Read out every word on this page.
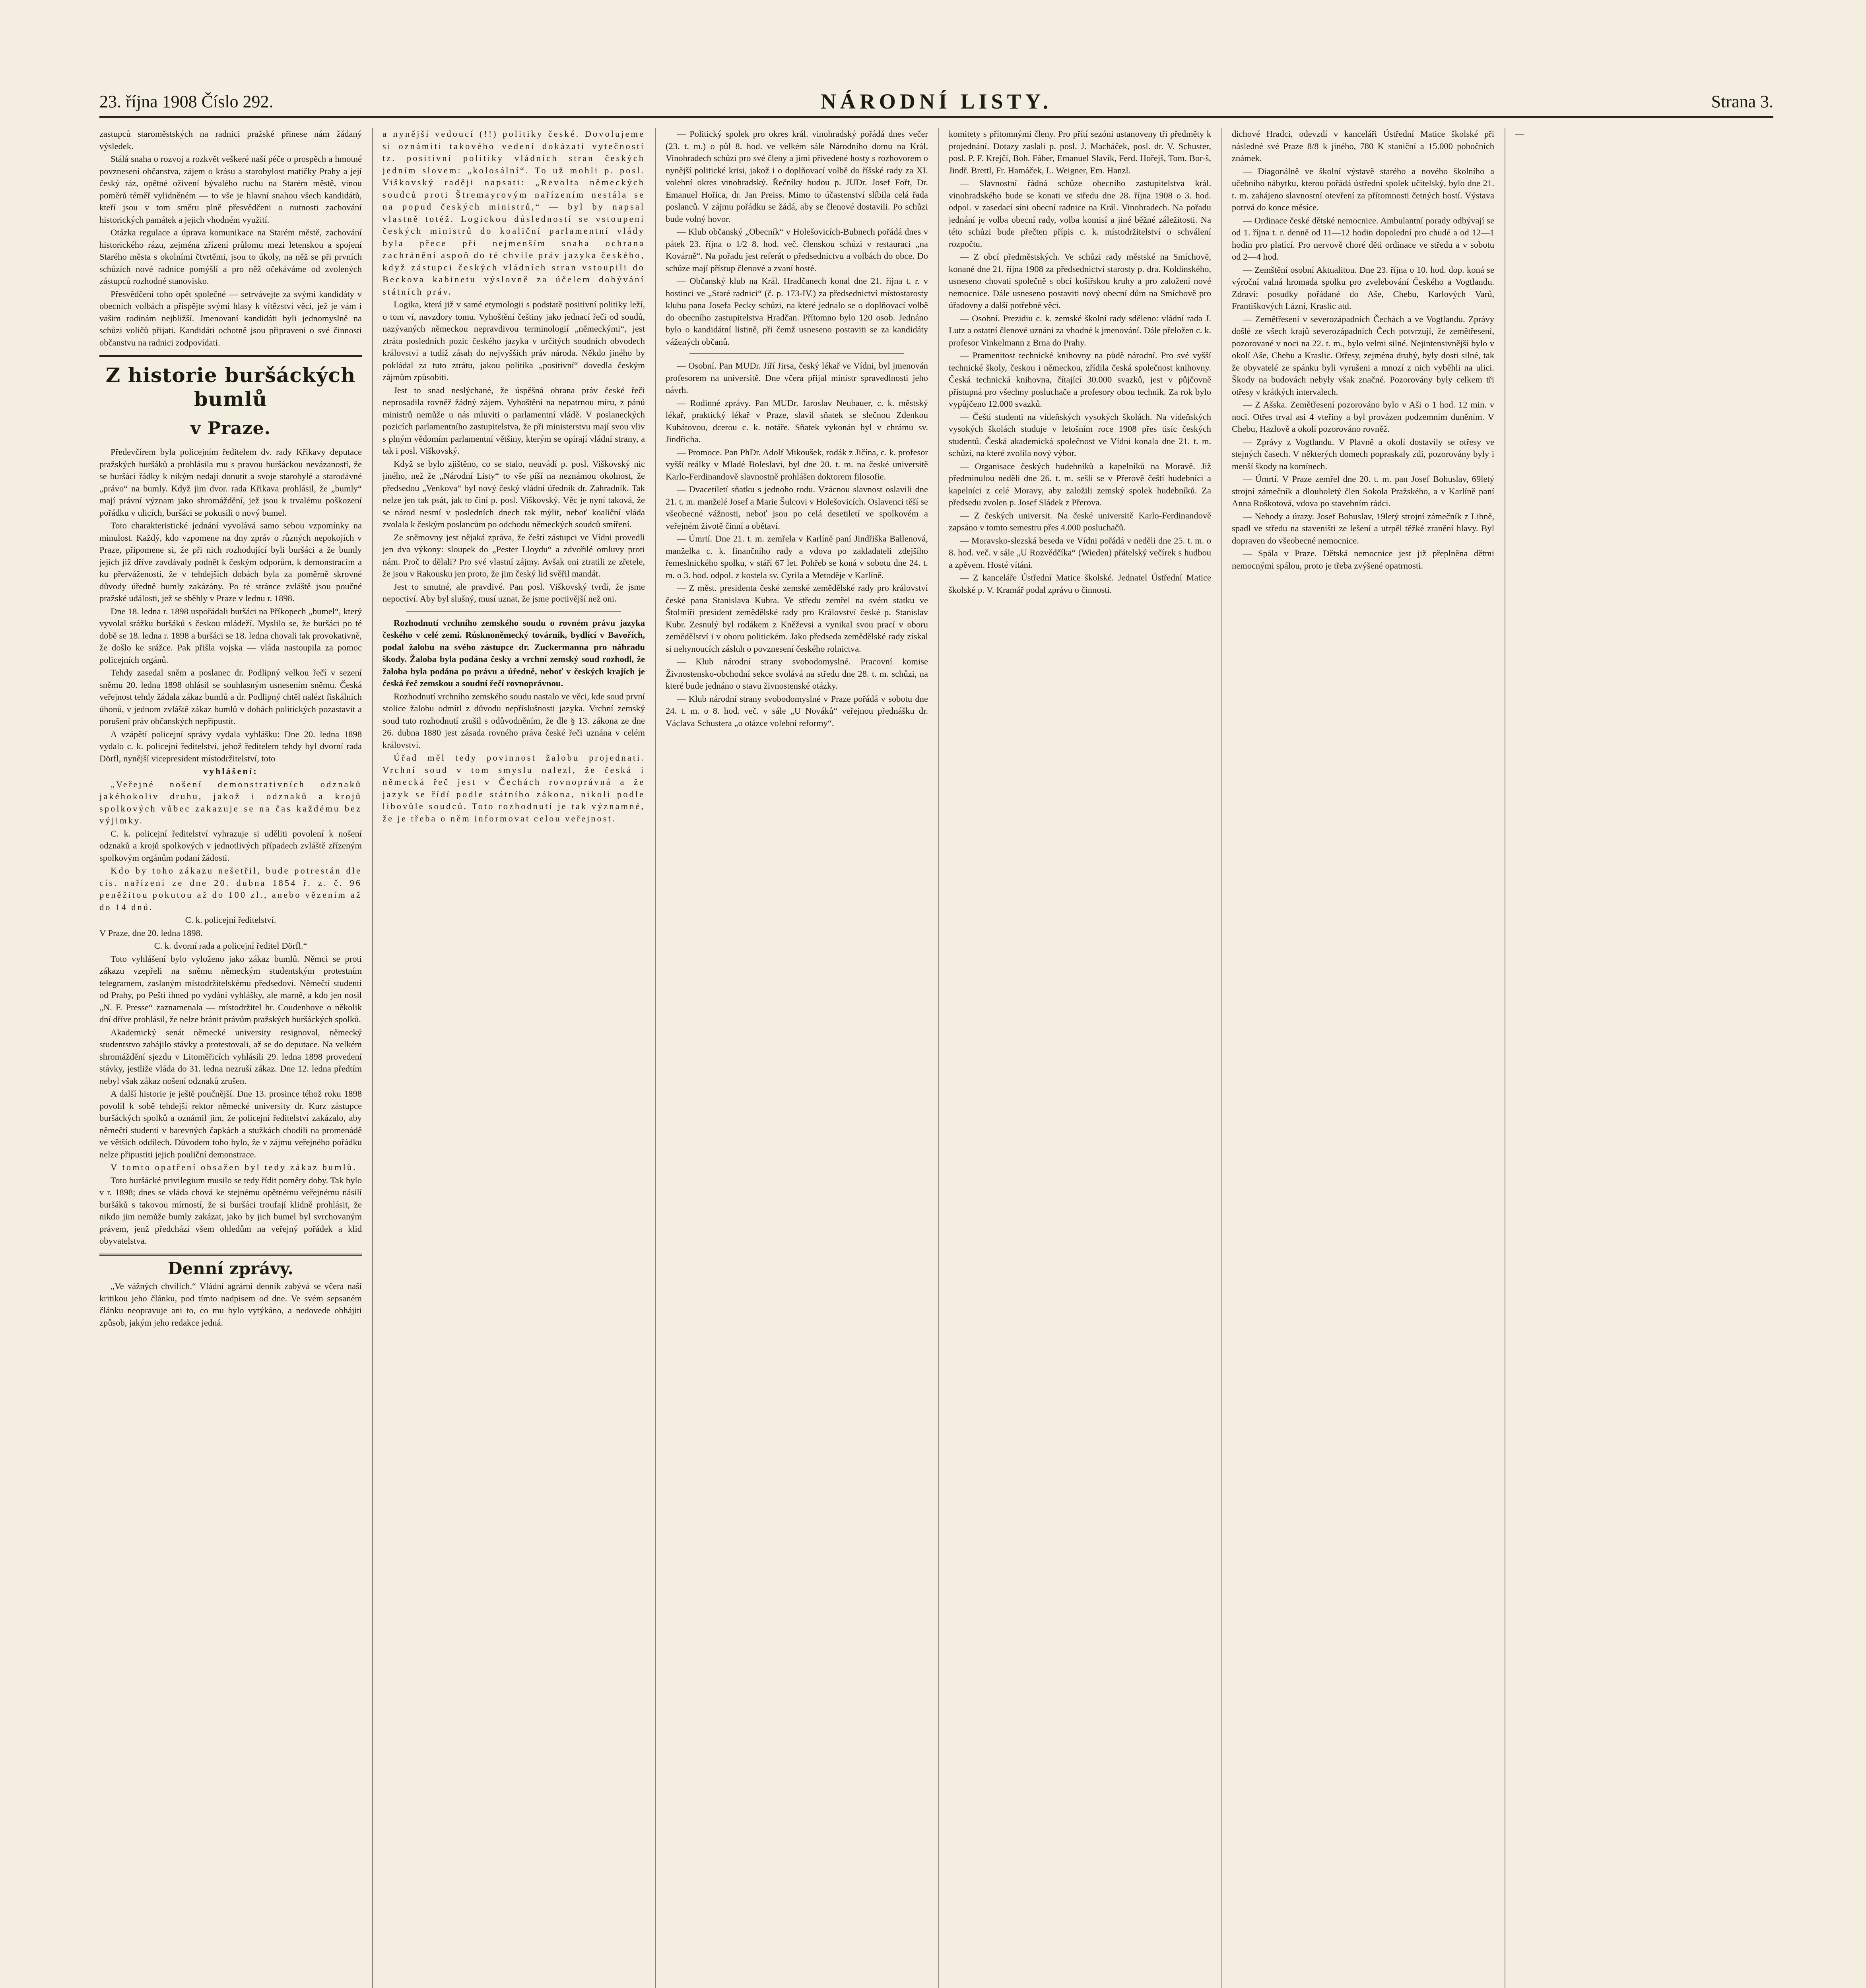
23. října 1908 Číslo 292.	NÁRODNÍ LISTY.	Strana 3.

zastupců staroměstských na radnici pražské přinese nám žádaný výsledek.

Stálá snaha o rozvoj a rozkvět veškeré naší péče o prospěch a hmotné povznesení občanstva, zájem o krásu a starobylost matičky Prahy a její český ráz, opětné oživení bývalého ruchu na Starém městě, vinou poměrů téměř vylidněném — to vše je hlavní snahou všech kandidátů, kteří jsou v tom směru plně přesvědčeni o nutnosti zachování historických památek a jejich vhodném využití.

Otázka regulace a úprava komunikace na Starém městě, zachování historického rázu, zejména zřízení průlomu mezi letenskou a spojení Starého města s okolními čtvrtěmi, jsou to úkoly, na něž se při prvních schůzích nové radnice pomýšlí a pro něž očekáváme od zvolených zástupců rozhodné stanovisko.

Přesvědčení toho opět společné — setrvávejte za svými kandidáty v obecních volbách a přispějte svými hlasy k vítězství věci, jež je vám i vašim rodinám nejbližší. Jmenovaní kandidáti byli jednomyslně na schůzi voličů přijati. Kandidáti ochotně jsou připraveni o své činnosti občanstvu na radnici zodpovídati.

Z historie buršáckých bumlů
v Praze.

Předevčírem byla policejním ředitelem dv. rady Křikavy deputace pražských buršáků a prohlásila mu s pravou buršáckou nevázaností, že se buršáci řádky k nikým nedají donutit a svoje starobylé a starodávné „právo“ na bumly. Když jim dvor. rada Křikava prohlásil, že „bumly“ mají právní význam jako shromáždění, jež jsou k trvalému poškození pořádku v ulicích, buršáci se pokusili o nový bumel.

Toto charakteristické jednání vyvolává samo sebou vzpomínky na minulost. Každý, kdo vzpomene na dny zpráv o různých nepokojích v Praze, připomene si, že při nich rozhodující byli buršáci a že bumly jejich již dříve zavdávaly podnět k českým odporům, k demonstracím a ku přerváženosti, že v tehdejších dobách byla za poměrně skrovné důvody úředně bumly zakázány. Po té stránce zvláště jsou poučné pražské události, jež se sběhly v Praze v lednu r. 1898.

Dne 18. ledna r. 1898 uspořádali buršáci na Příkopech „bumel“, který vyvolal srážku buršáků s českou mládeží. Myslilo se, že buršáci po té době se 18. ledna r. 1898 a buršáci se 18. ledna chovali tak provokativně, že došlo ke srážce. Pak přišla vojska — vláda nastoupila za pomoc policejních orgánů.

Tehdy zasedal sněm a poslanec dr. Podlipný velkou řečí v sezení sněmu 20. ledna 1898 ohlásil se souhlasným usnesením sněmu. Česká veřejnost tehdy žádala zákaz bumlů a dr. Podlipný chtěl nalézt fiskálních úhonů, v jednom zvláště zákaz bumlů v dobách politických pozastavit a porušení práv občanských nepřipustit.

A vzápětí policejní správy vydala vyhlášku: Dne 20. ledna 1898 vydalo c. k. policejní ředitelství, jehož ředitelem tehdy byl dvorní rada Dörfl, nynější vicepresident místodržitelství, toto

vyhlášení:

„Veřejné nošení demonstrativních odznaků jakéhokoliv druhu, jakož i odznaků a krojů spolkových vůbec zakazuje se na čas každému bez výjimky.

C. k. policejní ředitelství vyhrazuje si uděliti povolení k nošení odznaků a krojů spolkových v jednotlivých případech zvláště zřízeným spolkovým orgánům podaní žádosti.

Kdo by toho zákazu nešetřil, bude potrestán dle cís. nařízení ze dne 20. dubna 1854 ř. z. č. 96 peněžitou pokutou až do 100 zl., anebo vězením až do 14 dnů.

C. k. policejní ředitelství.

V Praze, dne 20. ledna 1898.

C. k. dvorní rada a policejní ředitel Dörfl.“

Toto vyhlášení bylo vyloženo jako zákaz bumlů. Němci se proti zákazu vzepřeli na sněmu německým studentským protestním telegramem, zaslaným místodržitelskému předsedovi. Němečtí studenti od Prahy, po Pešti ihned po vydání vyhlášky, ale marně, a kdo jen nosil „N. F. Presse“ zaznamenala — místodržitel hr. Coudenhove o několik dní dříve prohlásil, že nelze bránit právům pražských buršáckých spolků.

Akademický senát německé university resignoval, německý studentstvo zahájilo stávky a protestovali, až se do deputace. Na velkém shromáždění sjezdu v Litoměřicích vyhlásili 29. ledna 1898 provedení stávky, jestliže vláda do 31. ledna nezruší zákaz. Dne 12. ledna předtím nebyl však zákaz nošení odznaků zrušen.

A další historie je ještě poučnější. Dne 13. prosince téhož roku 1898 povolil k sobě tehdejší rektor německé university dr. Kurz zástupce buršáckých spolků a oznámil jim, že policejní ředitelství zakázalo, aby němečtí studenti v barevných čapkách a stužkách chodili na promenádě ve větších oddílech. Důvodem toho bylo, že v zájmu veřejného pořádku nelze připustiti jejich pouliční demonstrace.

V tomto opatření obsažen byl tedy zákaz bumlů.

Toto buršácké privilegium musilo se tedy řídit poměry doby. Tak bylo v r. 1898; dnes se vláda chová ke stejnému opětnému veřejnému násilí buršáků s takovou mírností, že si buršáci troufají klidně prohlásit, že nikdo jim nemůže bumly zakázat, jako by jich bumel byl svrchovaným právem, jenž předchází všem ohledům na veřejný pořádek a klid obyvatelstva.

Denní zprávy.

„Ve vážných chvílích.“ Vládní agrární denník zabývá se včera naší kritikou jeho článku, pod tímto nadpisem od dne. Ve svém sepsaném článku neopravuje ani to, co mu bylo vytýkáno, a nedovede obhájiti způsob, jakým jeho redakce jedná.

a nynější vedoucí (!!) politiky české. Dovolujeme si oznámiti takového vedení dokázati vytečností tz. positivní politiky vládních stran českých jedním slovem: „kolosální“. To už mohli p. posl. Viškovský raději napsati: „Revolta německých soudců proti Štremayrovým nařízením nestála se na popud českých ministrů,“ — byl by napsal vlastně totéž. Logickou důsledností se vstoupení českých ministrů do koaliční parlamentní vlády byla přece při nejmenším snaha ochrana zachránění aspoň do té chvíle práv jazyka českého, když zástupci českých vládních stran vstoupili do Beckova kabinetu výslovně za účelem dobývání státních práv.

Logika, která již v samé etymologii s podstatě positivní politiky leží, o tom ví, navzdory tomu. Vyhoštění češtiny jako jednací řeči od soudů, nazývaných německou nepravdivou terminologií „německými“, jest ztráta posledních pozic českého jazyka v určitých soudních obvodech království a tudíž zásah do nejvyšších práv národa. Někdo jiného by pokládal za tuto ztrátu, jakou politika „positivní“ dovedla českým zájmům způsobiti.

Jest to snad neslýchané, že úspěšná obrana práv české řeči neprosadila rovněž žádný zájem. Vyhoštění na nepatrnou míru, z pánů ministrů nemůže u nás mluviti o parlamentní vládě. V poslaneckých pozicích parlamentního zastupitelstva, že při ministerstvu mají svou vliv s plným vědomím parlamentní většiny, kterým se opírají vládní strany, a tak i posl. Viškovský.

Když se bylo zjištěno, co se stalo, neuvádí p. posl. Viškovský nic jiného, než že „Národní Listy“ to vše píší na neznámou okolnost, že předsedou „Venkova“ byl nový český vládní úředník dr. Zahradník. Tak nelze jen tak psát, jak to činí p. posl. Viškovský. Věc je nyní taková, že se národ nesmí v posledních dnech tak mýlit, neboť koaliční vláda zvolala k českým poslancům po odchodu německých soudců smíření.

Ze sněmovny jest nějaká zpráva, že čeští zástupci ve Vídni provedli jen dva výkony: sloupek do „Pester Lloydu“ a zdvořilé omluvy proti nám. Proč to dělali? Pro své vlastní zájmy. Avšak oni ztratili ze zřetele, že jsou v Rakousku jen proto, že jim český lid svěřil mandát.

Jest to smutné, ale pravdivé. Pan posl. Viškovský tvrdí, že jsme nepoctiví. Aby byl slušný, musí uznat, že jsme poctivější než oni.

Rozhodnutí vrchního zemského soudu o rovném právu jazyka českého v celé zemi. Rúsknoněmecký továrník, bydlící v Bavořích, podal žalobu na svého zástupce dr. Zuckermanna pro náhradu škody. Žaloba byla podána česky a vrchní zemský soud rozhodl, že žaloba byla podána po právu a úředně, neboť v českých krajích je česká řeč zemskou a soudní řečí rovnoprávnou.

Rozhodnutí vrchního zemského soudu nastalo ve věci, kde soud první stolice žalobu odmítl z důvodu nepříslušnosti jazyka. Vrchní zemský soud tuto rozhodnutí zrušil s odůvodněním, že dle § 13. zákona ze dne 26. dubna 1880 jest zásada rovného práva české řeči uznána v celém království.

Úřad měl tedy povinnost žalobu projednati. Vrchní soud v tom smyslu nalezl, že česká i německá řeč jest v Čechách rovnoprávná a že jazyk se řídí podle státního zákona, nikoli podle libovůle soudců. Toto rozhodnutí je tak významné, že je třeba o něm informovat celou veřejnost.

— Politický spolek pro okres král. vinohradský pořádá dnes večer (23. t. m.) o půl 8. hod. ve velkém sále Národního domu na Král. Vinohradech schůzi pro své členy a jimi přivedené hosty s rozhovorem o nynější politické krisi, jakož i o doplňovací volbě do říšské rady za XI. volební okres vinohradský. Řečníky budou p. JUDr. Josef Fořt, Dr. Emanuel Hořica, dr. Jan Preiss. Mimo to účastenství slíbila celá řada poslanců. V zájmu pořádku se žádá, aby se členové dostavili. Po schůzi bude volný hovor.

— Klub občanský „Obecník“ v Holešovicích-Bubnech pořádá dnes v pátek 23. října o 1/2 8. hod. več. členskou schůzi v restauraci „na Kovárně“. Na pořadu jest referát o předsednictvu a volbách do obce. Do schůze mají přístup členové a zvaní hosté.

— Občanský klub na Král. Hradčanech konal dne 21. října t. r. v hostinci ve „Staré radnici“ (č. p. 173-IV.) za předsednictví místostarosty klubu pana Josefa Pecky schůzi, na které jednalo se o doplňovací volbě do obecního zastupitelstva Hradčan. Přítomno bylo 120 osob. Jednáno bylo o kandidátní listině, při čemž usneseno postaviti se za kandidáty vážených občanů.

— Osobní. Pan MUDr. Jiří Jirsa, český lékař ve Vídni, byl jmenován profesorem na universitě. Dne včera přijal ministr spravedlnosti jeho návrh.

— Rodinné zprávy. Pan MUDr. Jaroslav Neubauer, c. k. městský lékař, praktický lékař v Praze, slavil sňatek se slečnou Zdenkou Kubátovou, dcerou c. k. notáře. Sňatek vykonán byl v chrámu sv. Jindřicha.

— Promoce. Pan PhDr. Adolf Mikoušek, rodák z Jičína, c. k. profesor vyšší reálky v Mladé Boleslavi, byl dne 20. t. m. na české universitě Karlo-Ferdinandově slavnostně prohlášen doktorem filosofie.

— Dvacetiletí sňatku s jednoho rodu. Vzácnou slavnost oslavili dne 21. t. m. manželé Josef a Marie Šulcovi v Holešovicích. Oslavenci těší se všeobecné vážnosti, neboť jsou po celá desetiletí ve spolkovém a veřejném životě činní a obětaví.

— Úmrtí. Dne 21. t. m. zemřela v Karlíně paní Jindřiška Ballenová, manželka c. k. finančního rady a vdova po zakladateli zdejšího řemeslnického spolku, v stáří 67 let. Pohřeb se koná v sobotu dne 24. t. m. o 3. hod. odpol. z kostela sv. Cyrila a Metoděje v Karlíně.

— Z měst. presidenta české zemské zemědělské rady pro království české pana Stanislava Kubra. Ve středu zemřel na svém statku ve Štolmíři president zemědělské rady pro Království české p. Stanislav Kubr. Zesnulý byl rodákem z Kněževsi a vynikal svou prací v oboru zemědělství i v oboru politickém. Jako předseda zemědělské rady získal si nehynoucích zásluh o povznesení českého rolnictva.

— Klub národní strany svobodomyslné. Pracovní komise Živnostensko-obchodní sekce svolává na středu dne 28. t. m. schůzi, na které bude jednáno o stavu živnostenské otázky.

— Klub národní strany svobodomyslné v Praze pořádá v sobotu dne 24. t. m. o 8. hod. več. v sále „U Nováků“ veřejnou přednášku dr. Václava Schustera „o otázce volební reformy“.

komitety s přítomnými členy. Pro přítí sezóni ustanoveny tři předměty k projednání. Dotazy zaslali p. posl. J. Macháček, posl. dr. V. Schuster, posl. P. F. Krejčí, Boh. Fáber, Emanuel Slavík, Ferd. Hořejš, Tom. Bor-š, Jindř. Brettl, Fr. Hamáček, L. Weigner, Em. Hanzl.

— Slavnostní řádná schůze obecního zastupitelstva král. vinohradského bude se konati ve středu dne 28. října 1908 o 3. hod. odpol. v zasedací síni obecní radnice na Král. Vinohradech. Na pořadu jednání je volba obecní rady, volba komisí a jiné běžné záležitosti. Na této schůzi bude přečten přípis c. k. místodržitelství o schválení rozpočtu.

— Z obcí předměstských. Ve schůzi rady městské na Smíchově, konané dne 21. října 1908 za předsednictví starosty p. dra. Koldinského, usneseno chovati společně s obcí košířskou kruhy a pro založení nové nemocnice. Dále usneseno postaviti nový obecní dům na Smíchově pro úřadovny a další potřebné věci.

— Osobní. Prezidiu c. k. zemské školní rady sděleno: vládní rada J. Lutz a ostatní členové uznáni za vhodné k jmenování. Dále přeložen c. k. profesor Vinkelmann z Brna do Prahy.

— Pramenitost technické knihovny na půdě národní. Pro své vyšší technické školy, českou i německou, zřídila česká společnost knihovny. Česká technická knihovna, čítající 30.000 svazků, jest v půjčovně přístupná pro všechny posluchače a profesory obou technik. Za rok bylo vypůjčeno 12.000 svazků.

— Čeští studenti na vídeňských vysokých školách. Na vídeňských vysokých školách studuje v letošním roce 1908 přes tisíc českých studentů. Česká akademická společnost ve Vídni konala dne 21. t. m. schůzi, na které zvolila nový výbor.

— Organisace českých hudebníků a kapelníků na Moravě. Již předminulou neděli dne 26. t. m. sešli se v Přerově čeští hudebníci a kapelníci z celé Moravy, aby založili zemský spolek hudebníků. Za předsedu zvolen p. Josef Sládek z Přerova.

— Z českých universit. Na české universitě Karlo-Ferdinandově zapsáno v tomto semestru přes 4.000 posluchačů.

— Moravsko-slezská beseda ve Vídni pořádá v neděli dne 25. t. m. o 8. hod. več. v sále „U Rozvědčíka“ (Wieden) přátelský večírek s hudbou a zpěvem. Hosté vítáni.

— Z kanceláře Ústřední Matice školské. Jednatel Ústřední Matice školské p. V. Kramář podal zprávu o činnosti.

dichové Hradci, odevzdí v kanceláři Ústřední Matice školské při následné své Praze 8/8 k jiného, 780 K staniční a 15.000 pobočních známek.

— Diagonálně ve školní výstavě starého a nového školního a učebního nábytku, kterou pořádá ústřední spolek učitelský, bylo dne 21. t. m. zahájeno slavnostní otevření za přítomnosti četných hostí. Výstava potrvá do konce měsíce.

— Ordinace české dětské nemocnice. Ambulantní porady odbývají se od 1. října t. r. denně od 11—12 hodin dopolední pro chudé a od 12—1 hodin pro platící. Pro nervově choré děti ordinace ve středu a v sobotu od 2—4 hod.

— Zemštění osobní Aktualitou. Dne 23. října o 10. hod. dop. koná se výroční valná hromada spolku pro zvelebování Českého a Vogtlandu. Zdraví: posudky pořádané do Aše, Chebu, Karlových Varů, Františkových Lázní, Kraslic atd.

— Zemětřesení v severozápadních Čechách a ve Vogtlandu. Zprávy došlé ze všech krajů severozápadních Čech potvrzují, že zemětřesení, pozorované v noci na 22. t. m., bylo velmi silné. Nejintensivnější bylo v okolí Aše, Chebu a Kraslic. Otřesy, zejména druhý, byly dosti silné, tak že obyvatelé ze spánku byli vyrušeni a mnozí z nich vyběhli na ulici. Škody na budovách nebyly však značné. Pozorovány byly celkem tři otřesy v krátkých intervalech.

— Z Ašska. Zemětřesení pozorováno bylo v Aši o 1 hod. 12 min. v noci. Otřes trval asi 4 vteřiny a byl provázen podzemním duněním. V Chebu, Hazlově a okolí pozorováno rovněž.

— Zprávy z Vogtlandu. V Plavně a okolí dostavily se otřesy ve stejných časech. V některých domech popraskaly zdi, pozorovány byly i menší škody na komínech.

— Úmrtí. V Praze zemřel dne 20. t. m. pan Josef Bohuslav, 69letý strojní zámečník a dlouholetý člen Sokola Pražského, a v Karlíně paní Anna Roškotová, vdova po stavebním rádci.

— Nehody a úrazy. Josef Bohuslav, 19letý strojní zámečník z Libně, spadl ve středu na staveništi ze lešení a utrpěl těžké zranění hlavy. Byl dopraven do všeobecné nemocnice.

— Spála v Praze. Dětská nemocnice jest již přeplněna dětmi nemocnými spálou, proto je třeba zvýšené opatrnosti.

—
